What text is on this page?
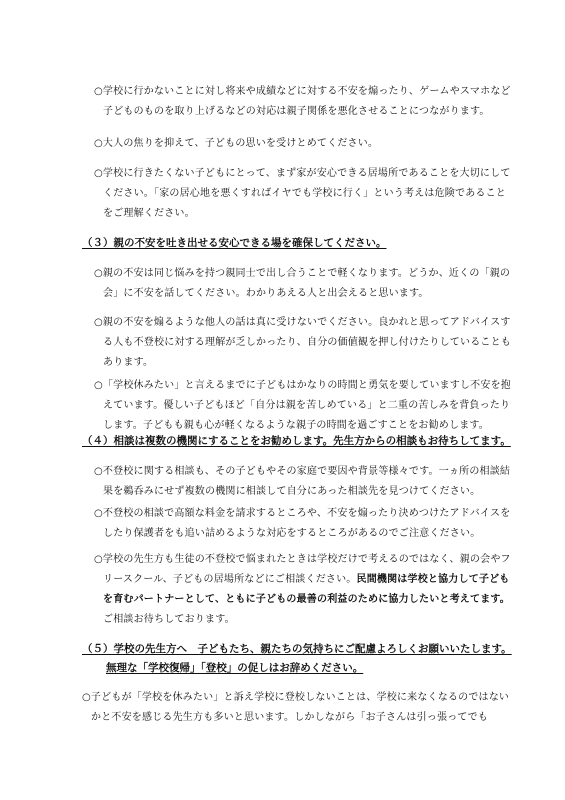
○学校に行かないことに対し将来や成績などに対する不安を煽ったり、ゲームやスマホなど子どものものを取り上げるなどの対応は親子関係を悪化させることにつながります。

○大人の焦りを抑えて、子どもの思いを受けとめてください。

○学校に行きたくない子どもにとって、まず家が安心できる居場所であることを大切にしてください。「家の居心地を悪くすればイヤでも学校に行く」という考えは危険であることをご理解ください。

（３）親の不安を吐き出せる安心できる場を確保してください。

○親の不安は同じ悩みを持つ親同士で出し合うことで軽くなります。どうか、近くの「親の会」に不安を話してください。わかりあえる人と出会えると思います。

○親の不安を煽るような他人の話は真に受けないでください。良かれと思ってアドバイスする人も不登校に対する理解が乏しかったり、自分の価値観を押し付けたりしていることもあります。

○「学校休みたい」と言えるまでに子どもはかなりの時間と勇気を要していますし不安を抱えています。優しい子どもほど「自分は親を苦しめている」と二重の苦しみを背負ったりします。子どもも親も心が軽くなるような親子の時間を過ごすことをお勧めします。

（４）相談は複数の機関にすることをお勧めします。先生方からの相談もお待ちしてます。

○不登校に関する相談も、その子どもやその家庭で要因や背景等様々です。一ヵ所の相談結果を鵜呑みにせず複数の機関に相談して自分にあった相談先を見つけてください。

○不登校の相談で高額な料金を請求するところや、不安を煽ったり決めつけたアドバイスをしたり保護者をも追い詰めるような対応をするところがあるのでご注意ください。

○学校の先生方も生徒の不登校で悩まれたときは学校だけで考えるのではなく、親の会やフリースクール、子どもの居場所などにご相談ください。民間機関は学校と協力して子どもを育むパートナーとして、ともに子どもの最善の利益のために協力したいと考えてます。ご相談お待ちしております。

（５）学校の先生方へ　子どもたち、親たちの気持ちにご配慮よろしくお願いいたします。
無理な「学校復帰」「登校」の促しはお辞めください。

○子どもが「学校を休みたい」と訴え学校に登校しないことは、学校に来なくなるのではないかと不安を感じる先生方も多いと思います。しかしながら「お子さんは引っ張ってでも
